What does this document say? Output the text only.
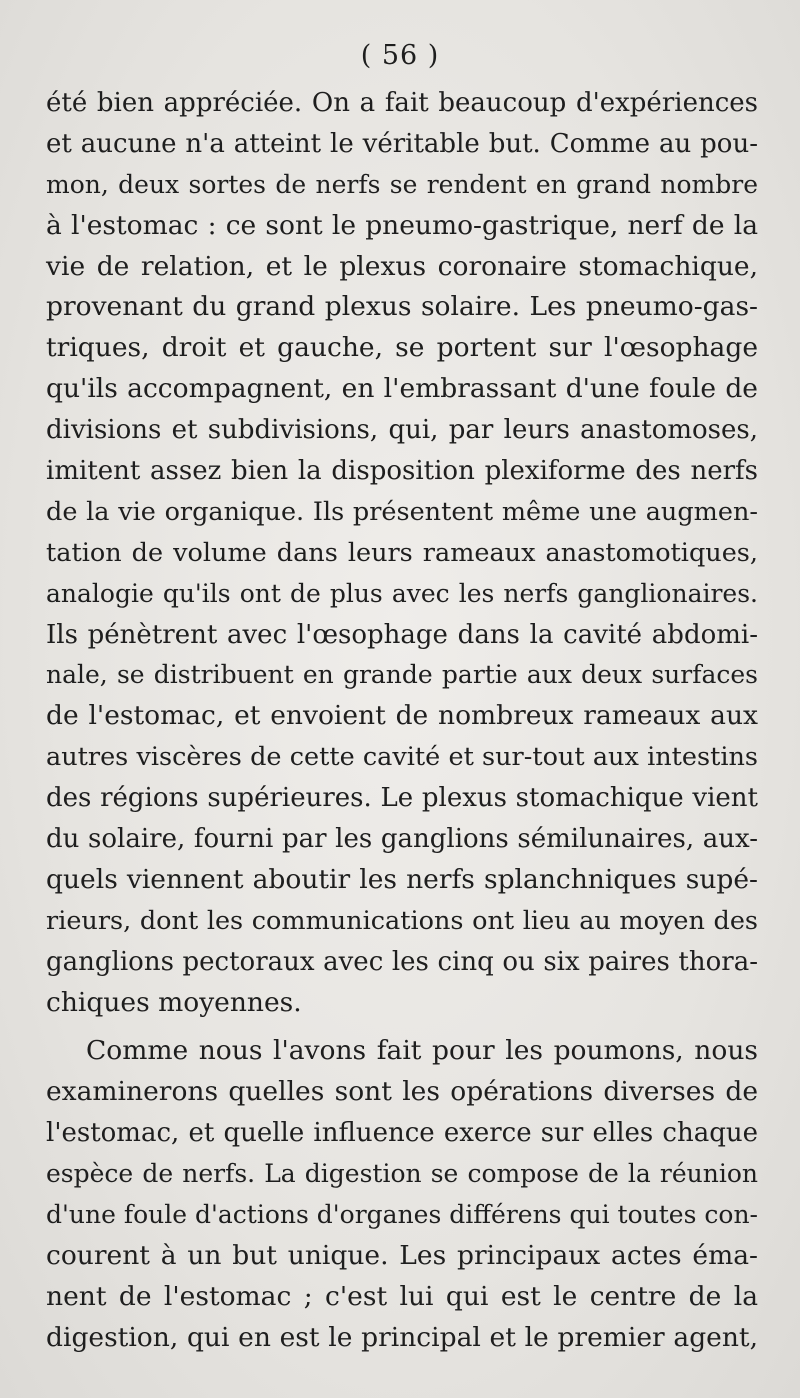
( 56 )
été bien appréciée. On a fait beaucoup d'expériences
et aucune n'a atteint le véritable but. Comme au pou-
mon, deux sortes de nerfs se rendent en grand nombre
à l'estomac : ce sont le pneumo-gastrique, nerf de la
vie de relation, et le plexus coronaire stomachique,
provenant du grand plexus solaire. Les pneumo-gas-
triques, droit et gauche, se portent sur l'œsophage
qu'ils accompagnent, en l'embrassant d'une foule de
divisions et subdivisions, qui, par leurs anastomoses,
imitent assez bien la disposition plexiforme des nerfs
de la vie organique. Ils présentent même une augmen-
tation de volume dans leurs rameaux anastomotiques,
analogie qu'ils ont de plus avec les nerfs ganglionaires.
Ils pénètrent avec l'œsophage dans la cavité abdomi-
nale, se distribuent en grande partie aux deux surfaces
de l'estomac, et envoient de nombreux rameaux aux
autres viscères de cette cavité et sur-tout aux intestins
des régions supérieures. Le plexus stomachique vient
du solaire, fourni par les ganglions sémilunaires, aux-
quels viennent aboutir les nerfs splanchniques supé-
rieurs, dont les communications ont lieu au moyen des
ganglions pectoraux avec les cinq ou six paires thora-
chiques moyennes.
Comme nous l'avons fait pour les poumons, nous
examinerons quelles sont les opérations diverses de
l'estomac, et quelle influence exerce sur elles chaque
espèce de nerfs. La digestion se compose de la réunion
d'une foule d'actions d'organes différens qui toutes con-
courent à un but unique. Les principaux actes éma-
nent de l'estomac ; c'est lui qui est le centre de la
digestion, qui en est le principal et le premier agent,
